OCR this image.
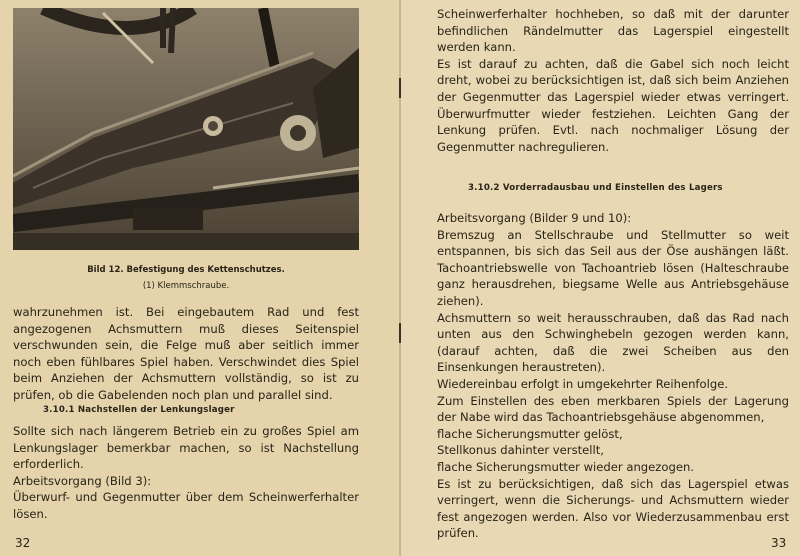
Bild 12. Befestigung des Kettenschutzes.
(1) Klemmschraube.

wahrzunehmen ist. Bei eingebautem Rad und fest angezogenen Achsmuttern muß dieses Seitenspiel verschwunden sein, die Felge muß aber seitlich immer noch eben fühlbares Spiel haben. Verschwindet dies Spiel beim Anziehen der Achsmuttern vollständig, so ist zu prüfen, ob die Gabelenden noch plan und parallel sind.

3.10.1 Nachstellen der Lenkungslager

Sollte sich nach längerem Betrieb ein zu großes Spiel am Lenkungslager bemerkbar machen, so ist Nachstellung erforderlich.

Arbeitsvorgang (Bild 3):

Überwurf- und Gegenmutter über dem Scheinwerferhalter lösen.

32

Scheinwerferhalter hochheben, so daß mit der darunter befindlichen Rändelmutter das Lagerspiel eingestellt werden kann.

Es ist darauf zu achten, daß die Gabel sich noch leicht dreht, wobei zu berücksichtigen ist, daß sich beim Anziehen der Gegenmutter das Lagerspiel wieder etwas verringert. Überwurfmutter wieder festziehen. Leichten Gang der Lenkung prüfen. Evtl. nach nochmaliger Lösung der Gegenmutter nachregulieren.

3.10.2 Vorderradausbau und Einstellen des Lagers

Arbeitsvorgang (Bilder 9 und 10):

Bremszug an Stellschraube und Stellmutter so weit entspannen, bis sich das Seil aus der Öse aushängen läßt. Tachoantriebswelle von Tachoantrieb lösen (Halteschraube ganz herausdrehen, biegsame Welle aus Antriebsgehäuse ziehen).

Achsmuttern so weit herausschrauben, daß das Rad nach unten aus den Schwinghebeln gezogen werden kann, (darauf achten, daß die zwei Scheiben aus den Einsenkungen heraustreten).

Wiedereinbau erfolgt in umgekehrter Reihenfolge.

Zum Einstellen des eben merkbaren Spiels der Lagerung der Nabe wird das Tachoantriebsgehäuse abgenommen,

flache Sicherungsmutter gelöst,

Stellkonus dahinter verstellt,

flache Sicherungsmutter wieder angezogen.

Es ist zu berücksichtigen, daß sich das Lagerspiel etwas verringert, wenn die Sicherungs- und Achsmuttern wieder fest angezogen werden. Also vor Wiederzusammenbau erst prüfen.

33
